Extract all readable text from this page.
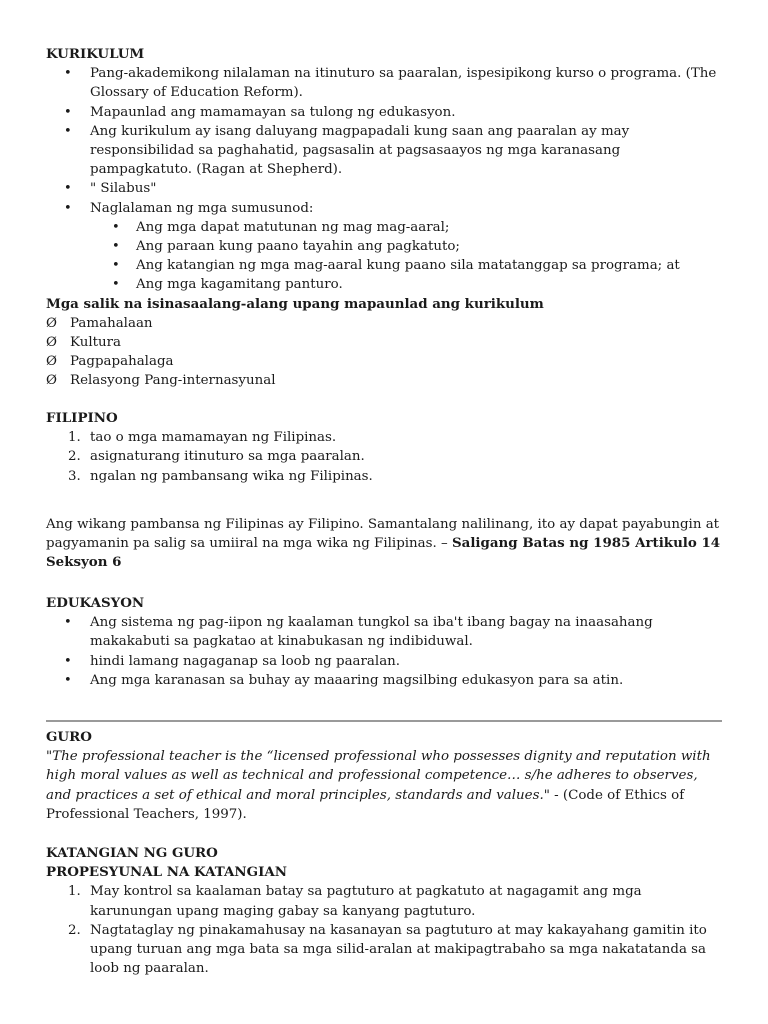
KURIKULUM
• Pang-akademikong nilalaman na itinuturo sa paaralan, ispesipikong kurso o programa. (The Glossary of Education Reform).
• Mapaunlad ang mamamayan sa tulong ng edukasyon.
• Ang kurikulum ay isang daluyang magpapadali kung saan ang paaralan ay may responsibilidad sa paghahatid, pagsasalin at pagsasaayos ng mga karanasang pampagkatuto. (Ragan at Shepherd).
• " Silabus"
• Naglalaman ng mga sumusunod:
• Ang mga dapat matutunan ng mag mag-aaral;
• Ang paraan kung paano tayahin ang pagkatuto;
• Ang katangian ng mga mag-aaral kung paano sila matatanggap sa programa; at
• Ang mga kagamitang panturo.
Mga salik na isinasaalang-alang upang mapaunlad ang kurikulum
Ø Pamahalaan
Ø Kultura
Ø Pagpapahalaga
Ø Relasyong Pang-internasyunal
FILIPINO
1. tao o mga mamamayan ng Filipinas.
2. asignaturang itinuturo sa mga paaralan.
3. ngalan ng pambansang wika ng Filipinas.
Ang wikang pambansa ng Filipinas ay Filipino. Samantalang nalilinang, ito ay dapat payabungin at pagyamanin pa salig sa umiiral na mga wika ng Filipinas. – Saligang Batas ng 1985 Artikulo 14 Seksyon 6
EDUKASYON
• Ang sistema ng pag-iipon ng kaalaman tungkol sa iba't ibang bagay na inaasahang makakabuti sa pagkatao at kinabukasan ng indibiduwal.
• hindi lamang nagaganap sa loob ng paaralan.
• Ang mga karanasan sa buhay ay maaaring magsilbing edukasyon para sa atin.
GURO
"The professional teacher is the “licensed professional who possesses dignity and reputation with high moral values as well as technical and professional competence… s/he adheres to observes, and practices a set of ethical and moral principles, standards and values." - (Code of Ethics of Professional Teachers, 1997).
KATANGIAN NG GURO
PROPESYUNAL NA KATANGIAN
1. May kontrol sa kaalaman batay sa pagtuturo at pagkatuto at nagagamit ang mga karunungan upang maging gabay sa kanyang pagtuturo.
2. Nagtataglay ng pinakamahusay na kasanayan sa pagtuturo at may kakayahang gamitin ito upang turuan ang mga bata sa mga silid-aralan at makipagtrabaho sa mga nakatatanda sa loob ng paaralan.
